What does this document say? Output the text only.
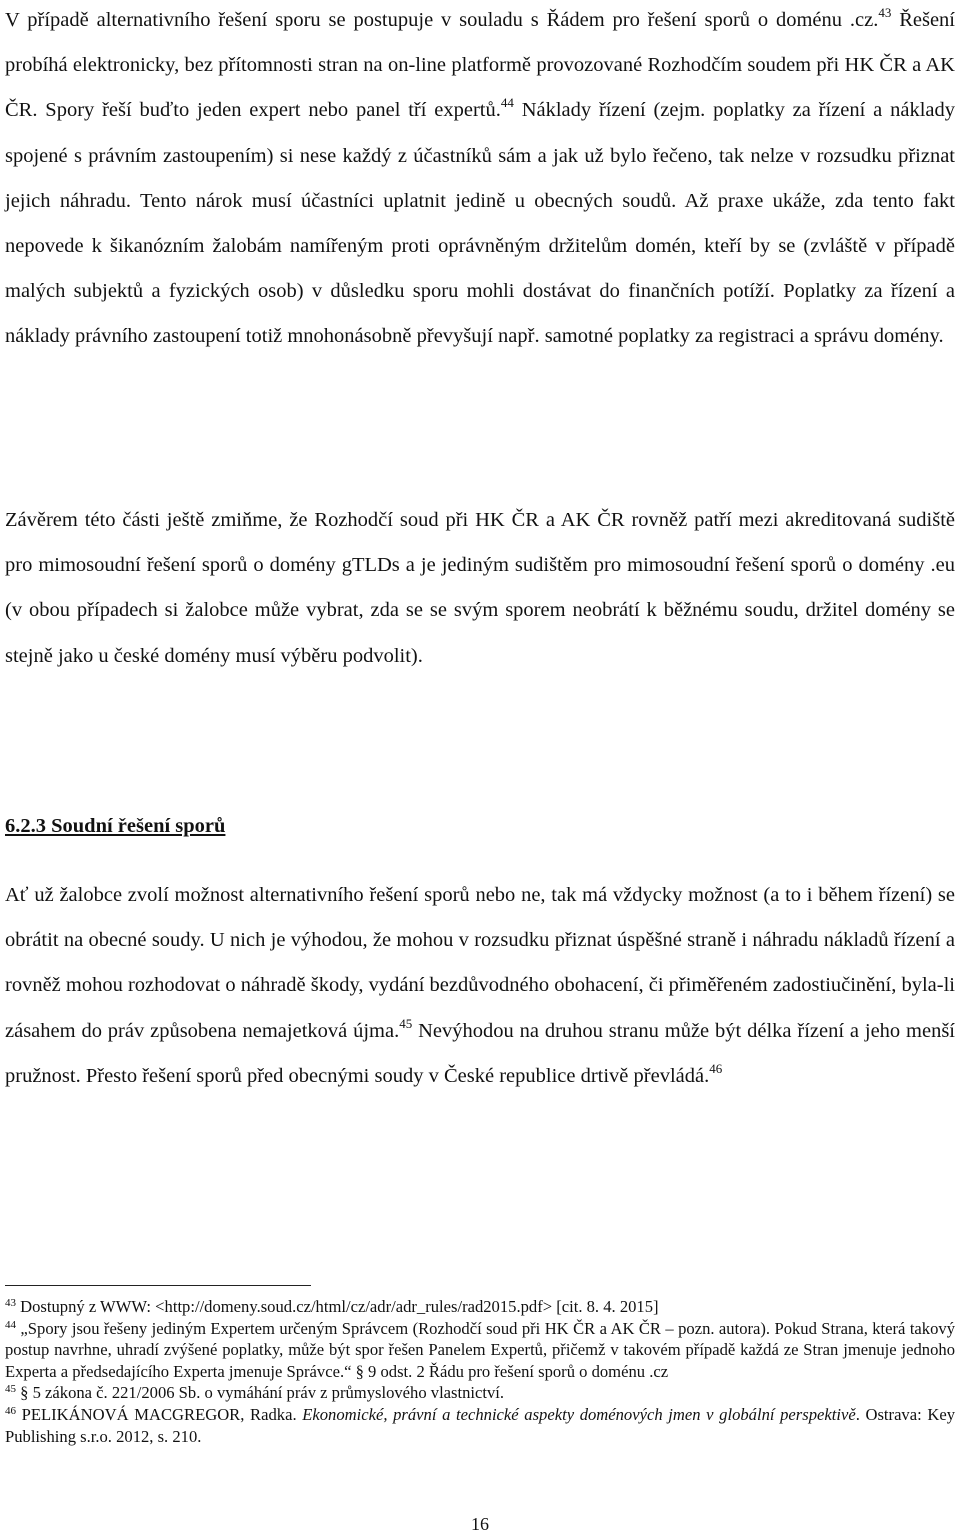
V případě alternativního řešení sporu se postupuje v souladu s Řádem pro řešení sporů o doménu .cz.$^{43}$ Řešení probíhá elektronicky, bez přítomnosti stran na on-line platformě provozované Rozhodčím soudem při HK ČR a AK ČR. Spory řeší buďto jeden expert nebo panel tří expertů.$^{44}$ Náklady řízení (zejm. poplatky za řízení a náklady spojené s právním zastoupením) si nese každý z účastníků sám a jak už bylo řečeno, tak nelze v rozsudku přiznat jejich náhradu. Tento nárok musí účastníci uplatnit jedině u obecných soudů. Až praxe ukáže, zda tento fakt nepovede k šikanózním žalobám namířeným proti oprávněným držitelům domén, kteří by se (zvláště v případě malých subjektů a fyzických osob) v důsledku sporu mohli dostávat do finančních potíží. Poplatky za řízení a náklady právního zastoupení totiž mnohonásobně převyšují např. samotné poplatky za registraci a správu domény.

Závěrem této části ještě zmiňme, že Rozhodčí soud při HK ČR a AK ČR rovněž patří mezi akreditovaná sudiště pro mimosoudní řešení sporů o domény gTLDs a je jediným sudištěm pro mimosoudní řešení sporů o domény .eu (v obou případech si žalobce může vybrat, zda se se svým sporem neobrátí k běžnému soudu, držitel domény se stejně jako u české domény musí výběru podvolit).

6.2.3 Soudní řešení sporů

Ať už žalobce zvolí možnost alternativního řešení sporů nebo ne, tak má vždycky možnost (a to i během řízení) se obrátit na obecné soudy. U nich je výhodou, že mohou v rozsudku přiznat úspěšné straně i náhradu nákladů řízení a rovněž mohou rozhodovat o náhradě škody, vydání bezdůvodného obohacení, či přiměřeném zadostiučinění, byla-li zásahem do práv způsobena nemajetková újma.$^{45}$ Nevýhodou na druhou stranu může být délka řízení a jeho menší pružnost. Přesto řešení sporů před obecnými soudy v České republice drtivě převládá.$^{46}$

$^{43}$ Dostupný z WWW: <http://domeny.soud.cz/html/cz/adr/adr_rules/rad2015.pdf> [cit. 8. 4. 2015]

$^{44}$ „Spory jsou řešeny jediným Expertem určeným Správcem (Rozhodčí soud při HK ČR a AK ČR – pozn. autora). Pokud Strana, která takový postup navrhne, uhradí zvýšené poplatky, může být spor řešen Panelem Expertů, přičemž v takovém případě každá ze Stran jmenuje jednoho Experta a předsedajícího Experta jmenuje Správce.“ § 9 odst. 2 Řádu pro řešení sporů o doménu .cz

$^{45}$ § 5 zákona č. 221/2006 Sb. o vymáhání práv z průmyslového vlastnictví.

$^{46}$ PELIKÁNOVÁ MACGREGOR, Radka. Ekonomické, právní a technické aspekty doménových jmen v globální perspektivě. Ostrava: Key Publishing s.r.o. 2012, s. 210.

16
